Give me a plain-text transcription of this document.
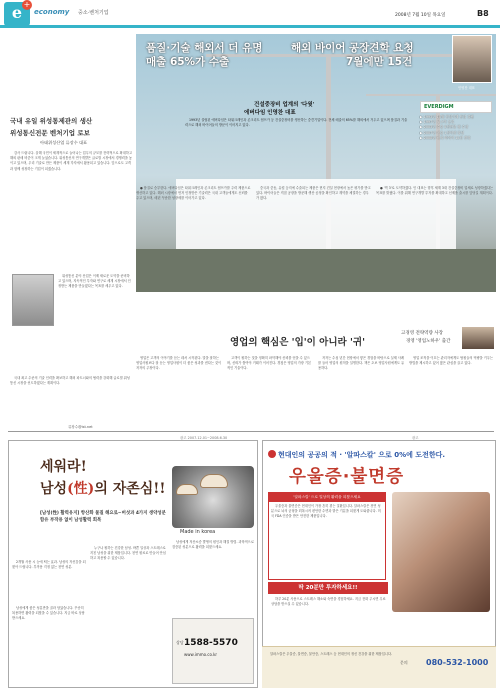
e +
economy 중소·벤처기업	2008년 7월 10일 목요일	B8
국내 유일 위성통제관의 생산
위성통신전문 벤처기업 로보
아태위성산업 류장수 대표

감사 드림니다. 올해 국민이 세계적으로 늘어나는 업무의 규모를 전략적으로 확대하고 해외 판매 비중이 크게 늘었습니다. 위성통신의 연구개발은 글로벌 시장에서 경쟁력을 높이고 있으며, 우리 기술로 만든 제품이 세계 각지에서 활용되고 있습니다. 앞으로도 고객과 함께 성장하는 기업이 되겠습니다.

위성통신 분야 산업은 이제 새로운 도약을 준비하고 있으며, 지속적인 투자와 연구로 세계 시장에서 인정받는 제품을 만들겠다는 목표를 세우고 있다.

국내 최고 수준의 기술 인력을 확보하고 해외 파트너와의 협력을 강화해 글로벌 위성통신 시장을 선도하겠다는 계획이다.

류장수@ist.net
품질·기술 해외서 더 유명
매출 65%가 수출
해외 바이어 공장견학 요청
7월에만 15건
인영찬 대표
건설중장비 업계의 '다윗'
에버다임 인영찬 대표

1993년 설립된 에버다임은 타워크레인과 콘크리트 펌프카 등 건설중장비를 생산하는 중견기업이다. 전체 매출의 65%를 해외에서 거두고 있으며 품질과 기술력으로 해외 바이어들의 방문이 이어지고 있다.

EVERDIGM
▶ 1993년 10월 건설기계 산업 설립
▶ 1997년 코스닥 등록
▶ 2003년 수출 5천만불 탑 수상
▶ 2007년 매출 1천억원 달성
▶ 2008년 해외 바이어 15건 견학

● 품질로 승부한다. 에버다임은 타워크레인과 콘크리트 펌프카를 주력 제품으로 생산하고 있다. 해외 시장에서 먼저 인정받은 기술력은 국내 고객들에게도 신뢰를 주고 있으며, 매년 꾸준한 성장세를 이어가고 있다.

중국과 중동, 유럽 등지에 수출되는 제품은 현지 건설 현장에서 높은 평가를 받고 있다. 바이어들은 직접 공장을 방문해 생산 공정을 확인하고 계약을 체결하는 경우가 많다.

● '빅 3'로 도약하겠다. 인 대표는 향후 세계 3대 건설중장비 업체로 성장하겠다는 목표를 밝혔다. 이를 위해 연구개발 투자를 확대하고 신제품 출시를 앞당길 계획이다.

영업의 핵심은 '입'이 아니라 '귀'
고경영 전략역량 사장
경영 '영업노하우' 출간

영업은 고객의 이야기를 듣는 데서 시작된다. 말을 잘하는 영업사원보다 잘 듣는 영업사원이 더 좋은 성과를 낸다는 것이 저자의 주장이다.

고객이 원하는 것을 정확히 파악해야 신뢰를 얻을 수 있으며, 신뢰가 쌓여야 거래가 이어진다. 경청은 영업의 가장 기본적인 기술이다.

저자는 수십 년간 현장에서 쌓은 경험을 바탕으로 실제 사례를 들어 영업의 원칙을 설명한다. 책은 초보 영업사원에게도 유용하다.

영업 조직을 이끄는 관리자에게도 팀원들의 역량을 키우는 방법을 제시하고 있어 많은 관심을 끌고 있다.

광고 2007.12.01~2008.6.30	광고
세워라!
남성(性)의 자존심!!
[남성(性) 활력유지] 항산화 물질 해요로~버섯과 4가지 생약성분 함유 부작용 없이 남성활력 회복
Made in korea

2개월 사용 시 눈에 띄는 효과. 남성의 자신감을 되찾아 드립니다. 부작용 걱정 없는 천연 성분.

남성에게 좋은 성분만을 골라 담았습니다. 꾸준히 복용하면 활력을 되찾을 수 있습니다. 지금 바로 상담 받으세요.

누구나 원하는 건강한 남성. 바쁜 일상과 스트레스로 지친 남성을 위한 제품입니다. 천연 원료로 만들어 안심하고 복용할 수 있습니다.

남성에게 저산소증 발생의 원인과 해결 방법. 과학적으로 검증된 성분으로 활력을 되찾으세요.

상담 1588-5570
www.immo.co.kr
현대인의 공공의 적 · '알파스칼' 으로 0%에 도전한다.
우울증·불면증
'알파스칼' 으로 일상의 활력을 되찾으세요

우울증과 불면증은 현대인이 가장 흔히 겪는 질환입니다. 알파스칼은 천연 성분으로 뇌의 균형을 회복시켜 편안한 수면과 밝은 기분을 되찾게 도와줍니다. 미국 FDA 인증을 받은 안전한 제품입니다.

딱 20분만 투자하세요!!

하루 20분 사용으로 스트레스 해소와 숙면을 경험하세요. 지금 전화 주시면 무료 상담을 받으실 수 있습니다.

알파스칼은 우울증, 불면증, 불안증, 스트레스 등 현대인의 정신 건강을 위한 제품입니다.

문의 080-532-1000
